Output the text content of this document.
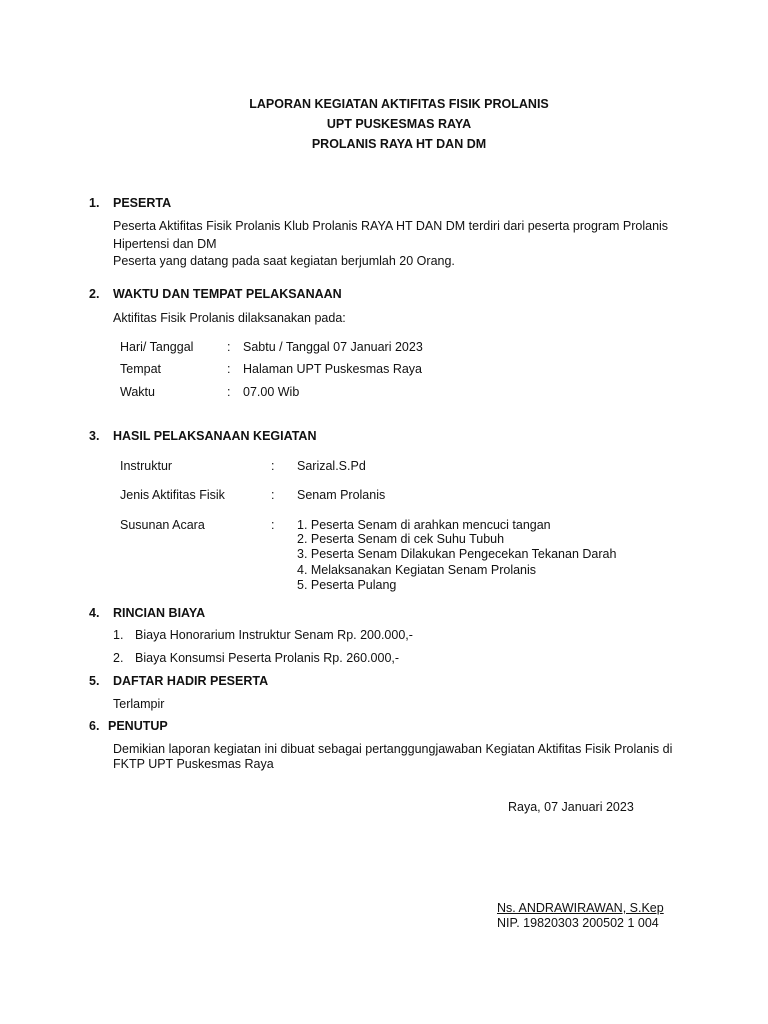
LAPORAN KEGIATAN AKTIFITAS FISIK PROLANIS
UPT PUSKESMAS RAYA
PROLANIS RAYA HT DAN DM
1. PESERTA
Peserta Aktifitas Fisik Prolanis Klub Prolanis RAYA HT DAN DM terdiri dari peserta program Prolanis
Hipertensi dan DM
Peserta yang datang pada saat kegiatan berjumlah 20 Orang.
2. WAKTU DAN TEMPAT PELAKSANAAN
Aktifitas Fisik Prolanis dilaksanakan pada:
Hari/ Tanggal	: Sabtu / Tanggal 07 Januari 2023
Tempat	: Halaman UPT Puskesmas Raya
Waktu	: 07.00 Wib
3. HASIL PELAKSANAAN KEGIATAN
Instruktur	: Sarizal.S.Pd
Jenis Aktifitas Fisik	: Senam Prolanis
Susunan Acara	: 1. Peserta Senam di arahkan mencuci tangan
2. Peserta Senam di cek Suhu Tubuh
3. Peserta Senam Dilakukan Pengecekan Tekanan Darah
4. Melaksanakan Kegiatan Senam Prolanis
5. Peserta Pulang
4. RINCIAN BIAYA
1. Biaya Honorarium Instruktur Senam Rp. 200.000,-
2. Biaya Konsumsi Peserta Prolanis Rp. 260.000,-
5. DAFTAR HADIR PESERTA
Terlampir
6. PENUTUP
Demikian laporan kegiatan ini dibuat sebagai pertanggungjawaban Kegiatan Aktifitas Fisik Prolanis di
FKTP UPT Puskesmas Raya
Raya, 07 Januari 2023
Ns. ANDRAWIRAWAN, S.Kep
NIP. 19820303 200502 1 004
